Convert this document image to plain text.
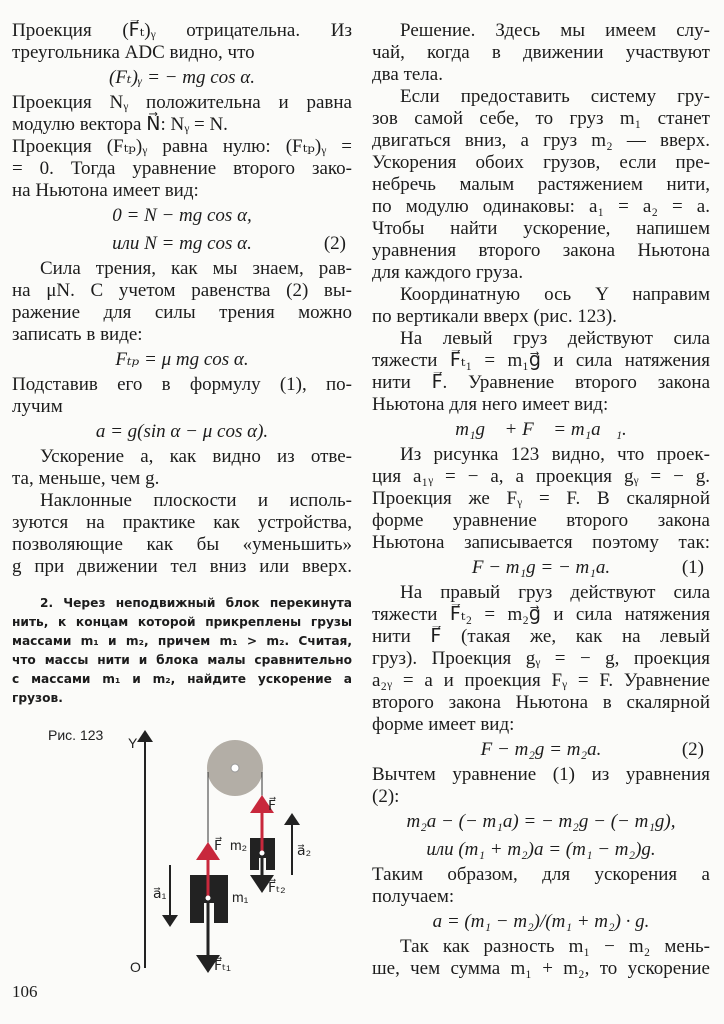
Проекция (F⃗ₜ)ᵧ отрицательна. Из
треугольника ADC видно, что
(Fₜ)ᵧ = − mg cos α.
Проекция Nᵧ положительна и равна
модулю вектора N⃗: Nᵧ = N.
Проекция (Fₜₚ)ᵧ равна нулю: (Fₜₚ)ᵧ =
= 0. Тогда уравнение второго зако-
на Ньютона имеет вид:
0 = N − mg cos α,
или N = mg cos α.	(2)
Сила трения, как мы знаем, рав-
на μN. С учетом равенства (2) вы-
ражение для силы трения можно
записать в виде:
Fₜₚ = μ mg cos α.
Подставив его в формулу (1), по-
лучим
a = g(sin α − μ cos α).
Ускорение a, как видно из отве-
та, меньше, чем g.
Наклонные плоскости и исполь-
зуются на практике как устройства,
позволяющие как бы «уменьшить»
g при движении тел вниз или вверх.
2. Через неподвижный блок перекинута
нить, к концам которой прикреплены грузы
массами m₁ и m₂, причем m₁ > m₂. Считая,
что массы нити и блока малы сравнительно
с массами m₁ и m₂, найдите ускорение a
грузов.
Решение. Здесь мы имеем слу-
чай, когда в движении участвуют
два тела.
Если предоставить систему гру-
зов самой себе, то груз m₁ станет
двигаться вниз, а груз m₂ — вверх.
Ускорения обоих грузов, если пре-
небречь малым растяжением нити,
по модулю одинаковы: a₁ = a₂ = a.
Чтобы найти ускорение, напишем
уравнения второго закона Ньютона
для каждого груза.
Координатную ось Y направим
по вертикали вверх (рис. 123).
На левый груз действуют сила
тяжести F⃗ₜ₁ = m₁g⃗ и сила натяжения
нити F⃗. Уравнение второго закона
Ньютона для него имеет вид:
m₁g⃗ + F⃗ = m₁a⃗₁.
Из рисунка 123 видно, что проек-
ция a₁ᵧ = − a, а проекция gᵧ = − g.
Проекция же Fᵧ = F. В скалярной
форме уравнение второго закона
Ньютона записывается поэтому так:
F − m₁g = − m₁a.	(1)
На правый груз действуют сила
тяжести F⃗ₜ₂ = m₂g⃗ и сила натяжения
нити F⃗ (такая же, как на левый
груз). Проекция gᵧ = − g, проекция
a₂ᵧ = a и проекция Fᵧ = F. Уравнение
второго закона Ньютона в скалярной
форме имеет вид:
F − m₂g = m₂a.	(2)
Вычтем уравнение (1) из уравнения
(2):
m₂a − (− m₁a) = − m₂g − (− m₁g),
или (m₁ + m₂)a = (m₁ − m₂)g.
Таким образом, для ускорения a
получаем:
a = (m₁ − m₂)/(m₁ + m₂) · g.
Так как разность m₁ − m₂ мень-
ше, чем сумма m₁ + m₂, то ускорение
Рис. 123 Y
O
a⃗₁
a⃗₂
m₁
m₂
F⃗
F⃗
F⃗ₜ₁
F⃗ₜ₂
106
